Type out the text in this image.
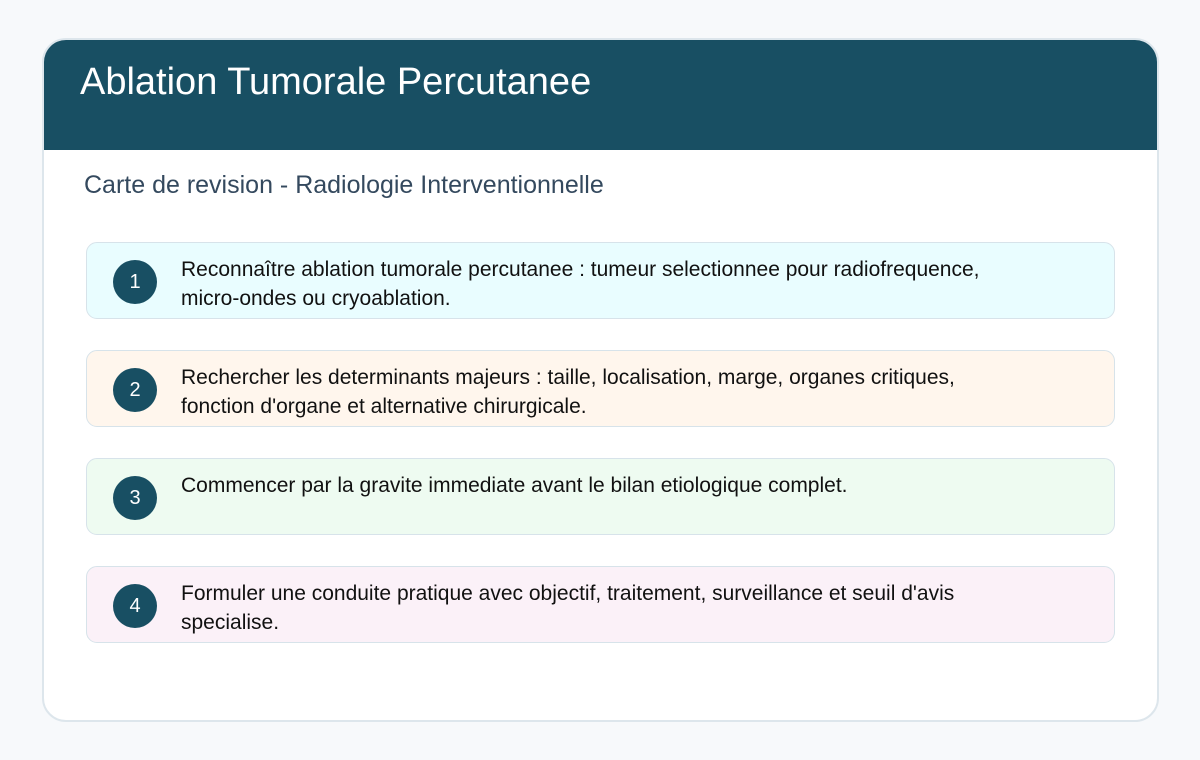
Ablation Tumorale Percutanee

Carte de revision - Radiologie Interventionnelle

1

Reconnaître ablation tumorale percutanee : tumeur selectionnee pour radiofrequence, micro-ondes ou cryoablation.

2

Rechercher les determinants majeurs : taille, localisation, marge, organes critiques, fonction d'organe et alternative chirurgicale.

3

Commencer par la gravite immediate avant le bilan etiologique complet.

4

Formuler une conduite pratique avec objectif, traitement, surveillance et seuil d'avis specialise.
